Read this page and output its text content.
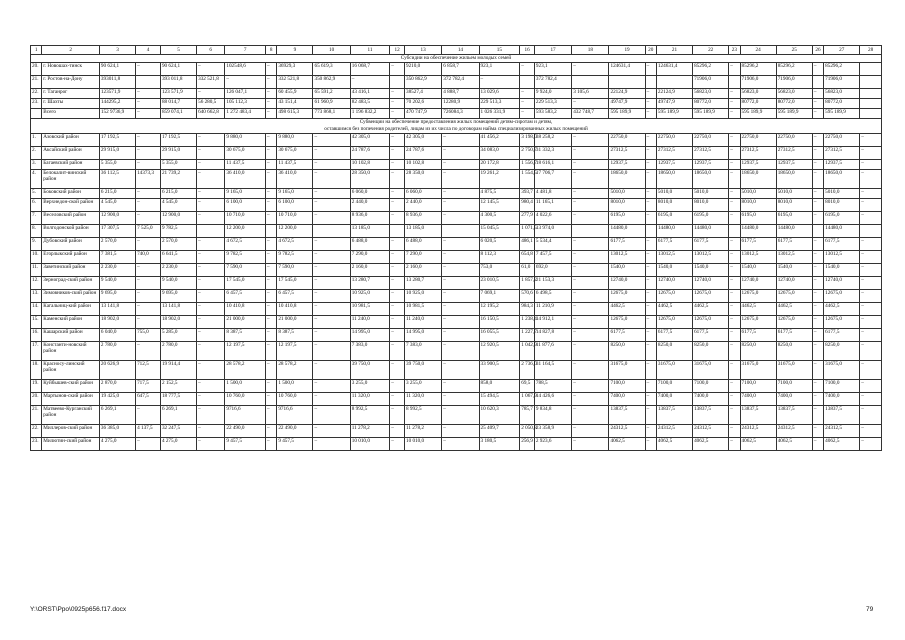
1	2	3	4	5	6	7	8	9	10	11	12	13	14	15	16	17	18	19	20	21	22	23	24	25	26	27	28
Субсидии на обеспечение жильем молодых семей																											
20.	г. Новошах-тинск	90 624,1	–	90 624,1	–	102548,6	–	36929,3	65 619,3	16 068,7	–	9210,0	6 858,7	923,1	–	923,1	–	124631,4	–	124631,4	85296,2	–	85296,2	85296,2	–	85296,2	
21.	г. Ростов-на-Дону	393011,8		393 011,8	332 521,8	–	–	332 521,8	350 862,9	–		350 862,9	372 782,4	–		372 782,4					71906,0		71906,0	71906,0		71906,0	
22.	г. Таганрог	123571,9	–	123 571,9	–	126 047,1	–	60 455,9	65 591,2	43 416,1	–	38527,4	4 888,7	13 029,6	–	9 924,0	3 105,6	22124,9	–	22124,9	56823,0	–	56823,0	56823,0	–	56823,0	
23.	г. Шахты	144295,2	–	88 014,7	56 280,5	105 112,3	–	43 151,4	61 960,9	82 483,5	–	70 202,6	12280,9	229 513,3	–	229 513,3	–	49747,9	–	49747,9	80772,0	–	80772,0	80772,0	–	80772,0	
	Всего	152 9736,9	–	859 074,1	640 662,8	1 272 483,4	–	498 615,3	773 868,1	1 196 832,2	–	470 747,9	726084,3	1 026 331,9	–	593 583,2	432 748,7	595 189,9	–	595 189,9	595 189,9	–	595 189,9	595 189,9	–	595 189,9	
Субвенции на обеспечение предоставления жилых помещений детям-сиротам и детям,																											
оставшимся без попечения родителей, лицам из их числа по договорам найма специализированных жилых помещений																											
1.	Азовский район	17 192,5	–	17 192,5	–	9 880,0	–	9 880,0	–	42 305,0	–	42 305,0	–	41 456,2	3 198,0	38 258,2	–	22750,0	–	22750,0	22750,0	–	22750,0	22750,0	–	22750,0	–
2.	Аксайский район	29 915,0	–	29 915,0	–	30 675,0	–	30 675,0	–	24 787,6	–	24 787,6	–	34 083,0	2 750,7	31 332,3	–	27312,5	–	27312,5	27312,5	–	27312,5	27312,5	–	27312,5	–
3.	Багаевский район	5 355,0	–	5 355,0	–	11 437,5	–	11 437,5	–	10 102,8	–	10 102,8	–	20 172,8	1 556,7	18 616,1	–	12937,5	–	12937,5	12937,5	–	12937,5	12937,5	–	12937,5	–
4.	Белокалит-винский район	36 112,5	14373,3	21 739,2	–	36 410,0	–	36 410,0	–	28 350,0	–	28 350,0	–	19 261,2	1 554,5	17 706,7	–	18650,0	–	18650,0	18650,0	–	18650,0	18650,0	–	18650,0	–
5.	Боковский район	6 215,0	–	6 215,0	–	9 165,0	–	9 165,0	–	6 060,0	–	6 060,0	–	4 875,5	393,7	4 481,8	–	5010,0	–	5010,0	5010,0	–	5010,0	5010,0	–	5010,0	–
6.	Верхнедон-ской район	4 545,0	–	4 545,0	–	6 100,0	–	6 100,0	–	2 440,0	–	2 440,0	–	12 145,5	980,4	11 165,1	–	8010,0	–	8010,0	8010,0	–	8010,0	8010,0	–	8010,0	–
7.	Веселовский район	12 900,0	–	12 900,0	–	10 710,0	–	10 710,0	–	8 936,0	–	8 936,0	–	4 300,5	277,9	4 022,6	–	6195,0	–	6195,0	6195,0	–	6195,0	6195,0	–	6195,0	–
8.	Волгодонской район	17 307,5	7 525,0	9 782,5		12 200,0		12 200,0		13 185,0		13 185,0		15 045,5	1 071,5	13 974,0		14480,0		14480,0	14480,0		14480,0	14480,0		14480,0	
9.	Дубовский район	2 570,0	–	2 570,0	–	4 672,5	–	4 672,5	–	6 488,0	–	6 488,0	–	6 020,5	486,1	5 534,4	–	6177,5	–	6177,5	6177,5	–	6177,5	6177,5	–	6177,5	–
10.	Егорлыкский район	7 381,5	740,0	6 641,5	–	9 782,5	–	9 782,5	–	7 290,0	–	7 290,0	–	8 112,3	654,8	7 457,5	–	13012,5	–	13012,5	13012,5	–	13012,5	13012,5	–	13012,5	–
11.	Заветинский район	2 230,0	–	2 230,0	–	7 590,0	–	7 590,0	–	2 160,0	–	2 160,0	–	753,0	61,0	692,0	–	1540,0	–	1540,0	1540,0	–	1540,0	1540,0	–	1540,0	–
12.	Зерноград-ский район	9 540,0	–	9 540,0	–	17 545,0	–	17 545,0	–	13 280,7	–	13 280,7	–	23 010,5	1 857,2	21 153,3	–	12740,0	–	12740,0	12740,0	–	12740,0	12740,0	–	12740,0	–
13.	Зимовников-ский район	9 695,0	–	9 695,0	–	6 457,5	–	6 457,5	–	10 925,0	–	10 925,0	–	7 069,1	570,6	6 498,5	–	12675,0	–	12675,0	12675,0	–	12675,0	12675,0	–	12675,0	–
14.	Кагальниц-кий район	13 141,8	–	13 141,8	–	10 410,8	–	10 410,8	–	10 981,5	–	10 981,5	–	12 195,2	984,3	11 210,9	–	4462,5	–	4462,5	4462,5	–	4462,5	4462,5	–	4462,5	–
15.	Каменский район	18 902,0	–	18 902,0	–	21 000,0	–	21 000,0	–	11 240,0	–	11 240,0	–	16 150,5	1 238,4	14 912,1	–	12675,0	–	12675,0	12675,0	–	12675,0	12675,0	–	12675,0	–
16.	Кашарский район	6 040,0	755,0	5 285,0	–	8 387,5	–	8 387,5	–	14 995,0	–	14 995,0	–	16 055,5	1 227,7	14 827,8	–	6177,5	–	6177,5	6177,5	–	6177,5	6177,5	–	6177,5	–
17.	Константи-новский район	2 780,0	–	2 780,0	–	12 197,5	–	12 197,5	–	7 383,0	–	7 383,0	–	12 920,5	1 042,9	11 877,6	–	8250,0	–	8250,0	8250,0	–	8250,0	8250,0	–	8250,0	–
18.	Красносу-линский район	20 626,9	712,5	19 914,4	–	28 578,2	–	28 578,2	–	39 750,0	–	39 750,0	–	33 900,5	2 736,0	31 164,5	–	31675,0	–	31675,0	31675,0	–	31675,0	31675,0	–	31675,0	–
19.	Куйбышев-ский район	2 870,0	717,5	2 152,5	–	1 500,0	–	1 500,0	–	3 255,0	–	3 255,0	–	858,0	69,5	788,5	–	7100,0	–	7100,0	7100,0	–	7100,0	7100,0	–	7100,0	–
20.	Мартынов-ский район	19 425,0	647,5	18 777,5	–	10 760,0	–	10 760,0	–	11 320,0	–	11 320,0	–	15 494,5	1 067,9	14 426,6	–	7400,0	–	7400,0	7400,0	–	7400,0	7400,0	–	7400,0	–
21.	Матвеево-Курганский район	6 269,1	–	6 269,1	–	9716,6	–	9716,6	–	8 992,5	–	8 992,5	–	10 620,3	785,7	9 834,8	–	13837,5	–	13837,5	13837,5	–	13837,5	13837,5	–	13837,5	–
22.	Миллеров-ский район	36 385,0	4 137,5	32 247,5	–	22 490,0	–	22 490,0	–	11 278,2	–	11 278,2	–	25 409,7	2 050,8	23 358,9	–	24312,5	–	24312,5	24312,5	–	24312,5	24312,5	–	24312,5	–
23.	Милютин-ский район	4 275,0	–	4 275,0	–	9 457,5	–	9 457,5	–	10 010,0	–	10 010,0	–	3 180,5	256,9	2 923,6	–	4062,5	–	4062,5	4062,5	–	4062,5	4062,5	–	4062,5	–
Y:\ORST\Ppo\0925p656.f17.docx	79
